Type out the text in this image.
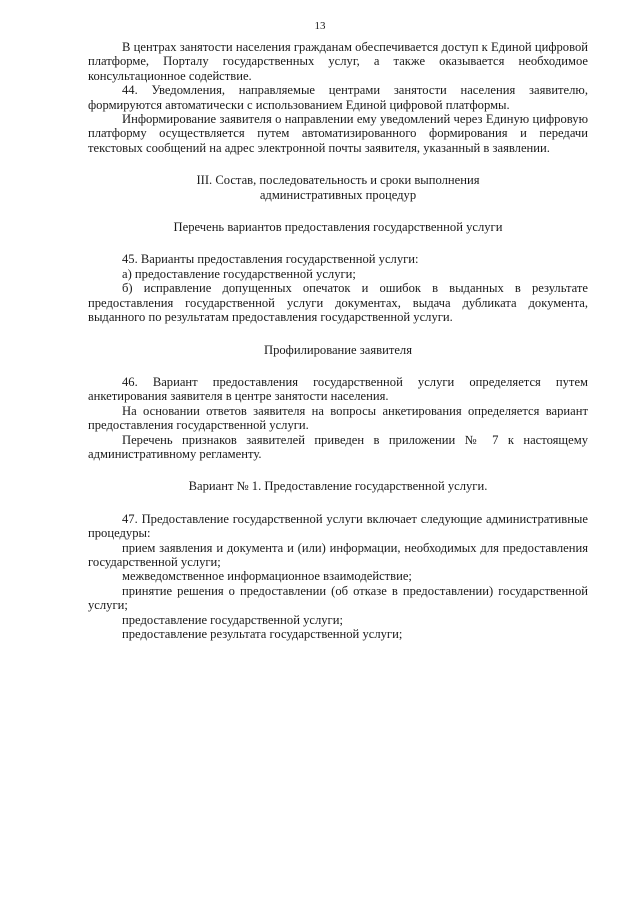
13

В центрах занятости населения гражданам обеспечивается доступ к Единой цифровой платформе, Порталу государственных услуг, а также оказывается необходимое консультационное содействие.

44. Уведомления, направляемые центрами занятости населения заявителю, формируются автоматически с использованием Единой цифровой платформы.

Информирование заявителя о направлении ему уведомлений через Единую цифровую платформу осуществляется путем автоматизированного формирования и передачи текстовых сообщений на адрес электронной почты заявителя, указанный в заявлении.

III. Состав, последовательность и сроки выполнения

административных процедур

Перечень вариантов предоставления государственной услуги

45. Варианты предоставления государственной услуги:

а) предоставление государственной услуги;

б) исправление допущенных опечаток и ошибок в выданных в результате предоставления государственной услуги документах, выдача дубликата документа, выданного по результатам предоставления государственной услуги.

Профилирование заявителя

46. Вариант предоставления государственной услуги определяется путем анкетирования заявителя в центре занятости населения.

На основании ответов заявителя на вопросы анкетирования определяется вариант предоставления государственной услуги.

Перечень признаков заявителей приведен в приложении № 7 к настоящему административному регламенту.

Вариант № 1. Предоставление государственной услуги.

47. Предоставление государственной услуги включает следующие административные процедуры:

прием заявления и документа и (или) информации, необходимых для предоставления государственной услуги;

межведомственное информационное взаимодействие;

принятие решения о предоставлении (об отказе в предоставлении) государственной услуги;

предоставление государственной услуги;

предоставление результата государственной услуги;
